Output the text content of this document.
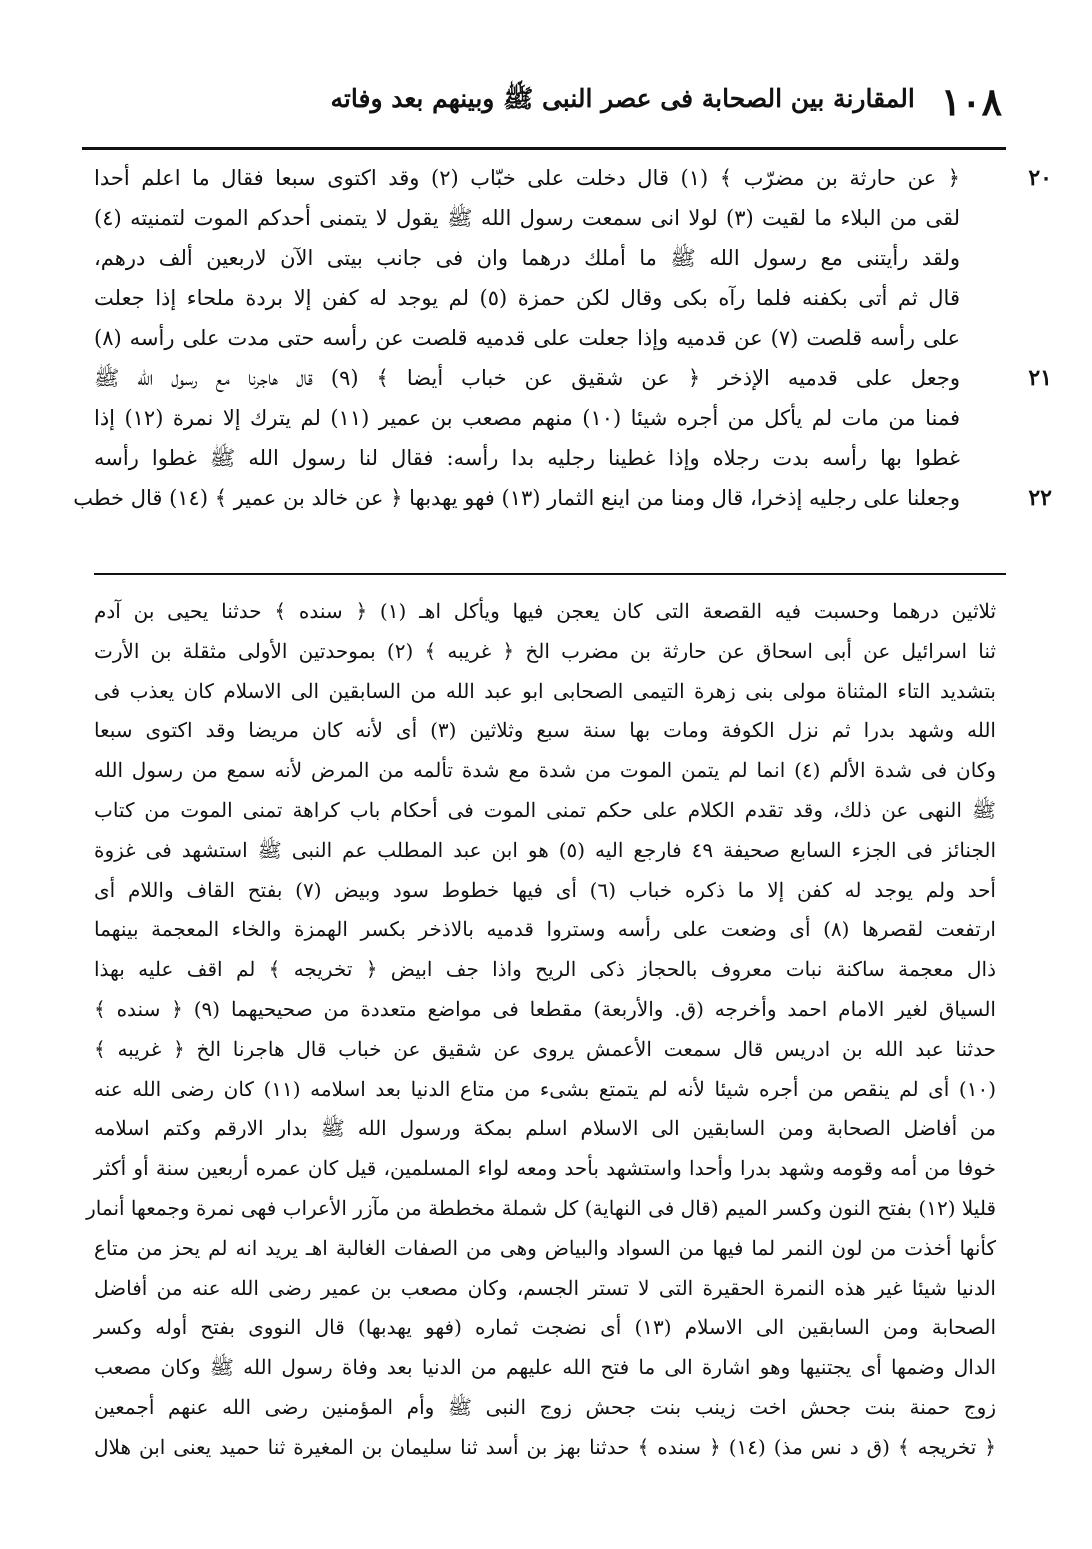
١٠٨
المقارنة بين الصحابة فى عصر النبى ﷺ وبينهم بعد وفاته
٢٠
﴿ عن حارثة بن مضرّب ﴾ (١) قال دخلت على خبّاب (٢) وقد اكتوى سبعا فقال ما اعلم أحدا
لقى من البلاء ما لقيت (٣) لولا انى سمعت رسول الله ﷺ يقول لا يتمنى أحدكم الموت لتمنيته (٤)
ولقد رأيتنى مع رسول الله ﷺ ما أملك درهما وان فى جانب بيتى الآن لاربعين ألف درهم،
قال ثم أتى بكفنه فلما رآه بكى وقال لكن حمزة (٥) لم يوجد له كفن إلا بردة ملحاء إذا جعلت
على رأسه قلصت (٧) عن قدميه وإذا جعلت على قدميه قلصت عن رأسه حتى مدت على رأسه (٨)
٢١
وجعل على قدميه الإذخر ﴿ عن شقيق عن خباب أيضا ﴾ (٩) قال هاجرنا مع رسول الله ﷺ
فمنا من مات لم يأكل من أجره شيئا (١٠) منهم مصعب بن عمير (١١) لم يترك إلا نمرة (١٢) إذا
غطوا بها رأسه بدت رجلاه وإذا غطينا رجليه بدا رأسه: فقال لنا رسول الله ﷺ غطوا رأسه
٢٢
وجعلنا على رجليه إذخرا، قال ومنا من اينع الثمار (١٣) فهو يهدبها ﴿ عن خالد بن عمير ﴾ (١٤) قال خطب
ثلاثين درهما وحسبت فيه القصعة التى كان يعجن فيها ويأكل اهـ (١) ﴿ سنده ﴾ حدثنا يحيى بن آدم
ثنا اسرائيل عن أبى اسحاق عن حارثة بن مضرب الخ ﴿ غريبه ﴾ (٢) بموحدتين الأولى مثقلة بن الأرت
بتشديد التاء المثناة مولى بنى زهرة التيمى الصحابى ابو عبد الله من السابقين الى الاسلام كان يعذب فى
الله وشهد بدرا ثم نزل الكوفة ومات بها سنة سبع وثلاثين (٣) أى لأنه كان مريضا وقد اكتوى سبعا
وكان فى شدة الألم (٤) انما لم يتمن الموت من شدة مع شدة تألمه من المرض لأنه سمع من رسول الله
ﷺ النهى عن ذلك، وقد تقدم الكلام على حكم تمنى الموت فى أحكام باب كراهة تمنى الموت من كتاب
الجنائز فى الجزء السابع صحيفة ٤٩ فارجع اليه (٥) هو ابن عبد المطلب عم النبى ﷺ استشهد فى غزوة
أحد ولم يوجد له كفن إلا ما ذكره خباب (٦) أى فيها خطوط سود وبيض (٧) بفتح القاف واللام أى
ارتفعت لقصرها (٨) أى وضعت على رأسه وستروا قدميه بالاذخر بكسر الهمزة والخاء المعجمة بينهما
ذال معجمة ساكنة نبات معروف بالحجاز ذكى الريح واذا جف ابيض ﴿ تخريجه ﴾ لم اقف عليه بهذا
السياق لغير الامام احمد وأخرجه (ق. والأربعة) مقطعا فى مواضع متعددة من صحيحيهما (٩) ﴿ سنده ﴾
حدثنا عبد الله بن ادريس قال سمعت الأعمش يروى عن شقيق عن خباب قال هاجرنا الخ ﴿ غريبه ﴾
(١٠) أى لم ينقص من أجره شيئا لأنه لم يتمتع بشىء من متاع الدنيا بعد اسلامه (١١) كان رضى الله عنه
من أفاضل الصحابة ومن السابقين الى الاسلام اسلم بمكة ورسول الله ﷺ بدار الارقم وكتم اسلامه
خوفا من أمه وقومه وشهد بدرا وأحدا واستشهد بأحد ومعه لواء المسلمين، قيل كان عمره أربعين سنة أو أكثر
قليلا (١٢) بفتح النون وكسر الميم (قال فى النهاية) كل شملة مخططة من مآزر الأعراب فهى نمرة وجمعها أنمار
كأنها أخذت من لون النمر لما فيها من السواد والبياض وهى من الصفات الغالبة اهـ يريد انه لم يحز من متاع
الدنيا شيئا غير هذه النمرة الحقيرة التى لا تستر الجسم، وكان مصعب بن عمير رضى الله عنه من أفاضل
الصحابة ومن السابقين الى الاسلام (١٣) أى نضجت ثماره (فهو يهدبها) قال النووى بفتح أوله وكسر
الدال وضمها أى يجتنيها وهو اشارة الى ما فتح الله عليهم من الدنيا بعد وفاة رسول الله ﷺ وكان مصعب
زوج حمنة بنت جحش اخت زينب بنت جحش زوج النبى ﷺ وأم المؤمنين رضى الله عنهم أجمعين
﴿ تخريجه ﴾ (ق د نس مذ) (١٤) ﴿ سنده ﴾ حدثنا بهز بن أسد ثنا سليمان بن المغيرة ثنا حميد يعنى ابن هلال
